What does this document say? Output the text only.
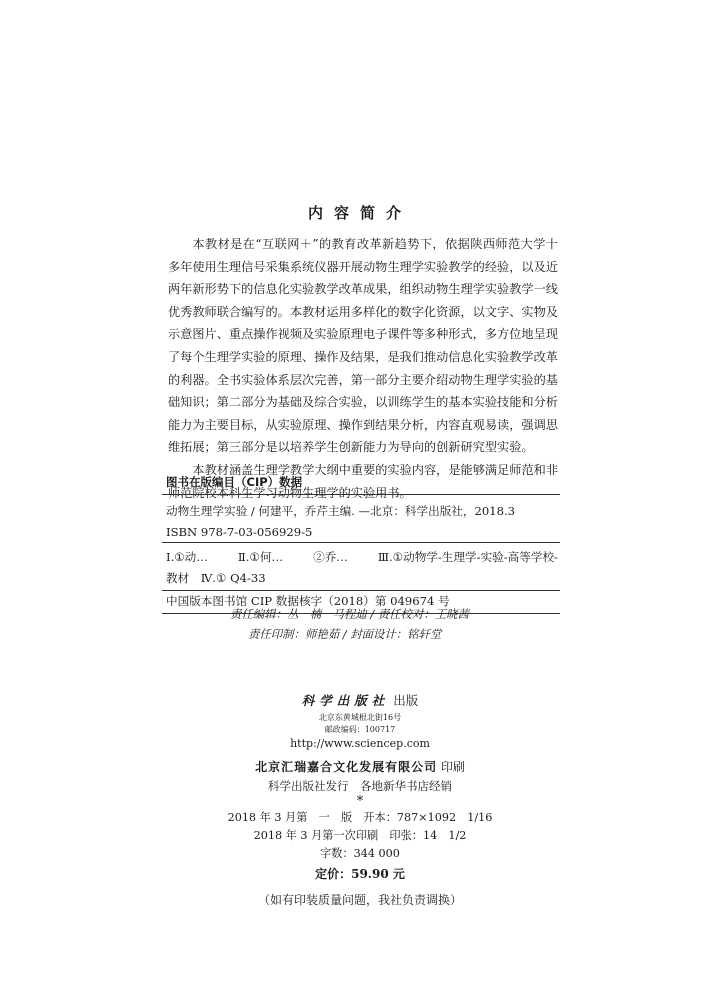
内容简介

本教材是在“互联网＋”的教育改革新趋势下，依据陕西师范大学十多年使用生理信号采集系统仪器开展动物生理学实验教学的经验，以及近两年新形势下的信息化实验教学改革成果，组织动物生理学实验教学一线优秀教师联合编写的。本教材运用多样化的数字化资源，以文字、实物及示意图片、重点操作视频及实验原理电子课件等多种形式，多方位地呈现了每个生理学实验的原理、操作及结果，是我们推动信息化实验教学改革的利器。全书实验体系层次完善，第一部分主要介绍动物生理学实验的基础知识；第二部分为基础及综合实验，以训练学生的基本实验技能和分析能力为主要目标，从实验原理、操作到结果分析，内容直观易读，强调思维拓展；第三部分是以培养学生创新能力为导向的创新研究型实验。

本教材涵盖生理学教学大纲中重要的实验内容，是能够满足师范和非师范院校本科生学习动物生理学的实验用书。

图书在版编目（CIP）数据
动物生理学实验 / 何建平，乔芹主编. —北京：科学出版社，2018.3
ISBN 978-7-03-056929-5
Ⅰ.①动…	Ⅱ.①何…	②乔…	Ⅲ.①动物学-生理学-实验-高等学校-
教材　Ⅳ.① Q4-33
中国版本图书馆 CIP 数据核字（2018）第 049674 号
责任编辑：丛　楠　马程迪 / 责任校对：王晓茜
责任印制：师艳茹 / 封面设计：铭轩堂
科学出版社 出版
北京东黄城根北街16号
邮政编码：100717
http://www.sciencep.com
北京汇瑞嘉合文化发展有限公司 印刷
科学出版社发行　各地新华书店经销
*
2018 年 3 月第　一　版　开本：787×1092　1/16
2018 年 3 月第一次印刷　印张：14　1/2
字数：344 000
定价：59.90 元
（如有印装质量问题，我社负责调换）
